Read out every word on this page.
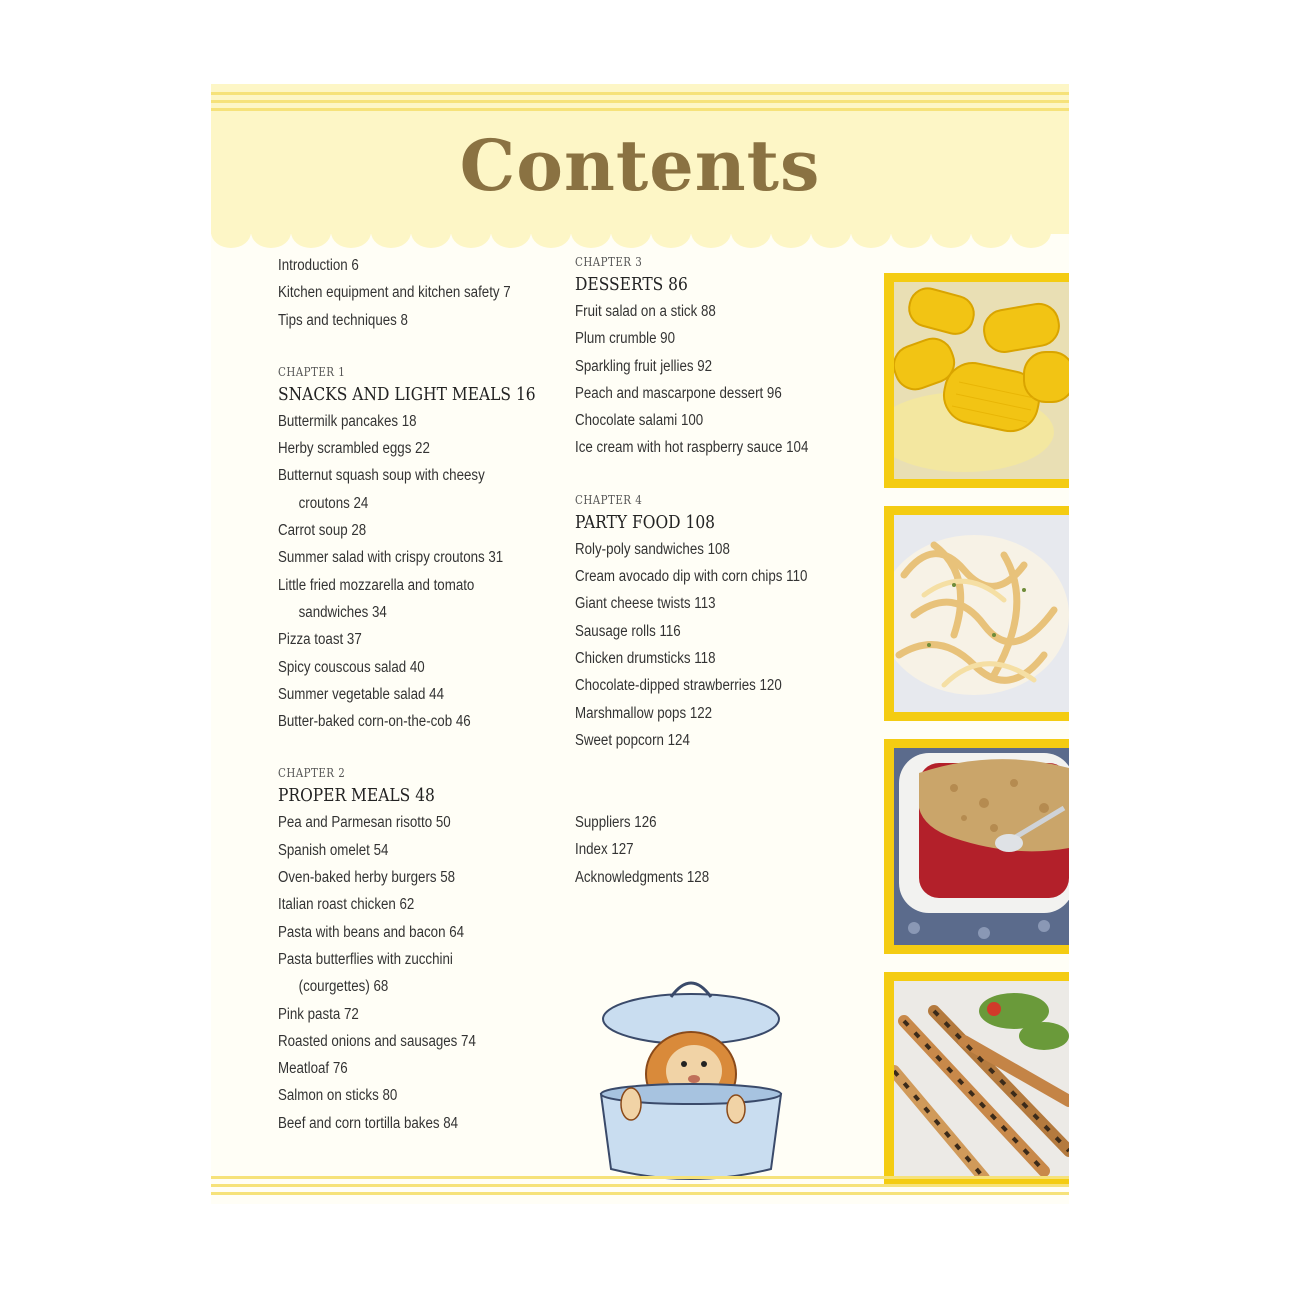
Contents
Introduction 6
Kitchen equipment and kitchen safety 7
Tips and techniques 8
CHAPTER 1
SNACKS AND LIGHT MEALS 16
Buttermilk pancakes 18
Herby scrambled eggs 22
Butternut squash soup with cheesy
croutons 24
Carrot soup 28
Summer salad with crispy croutons 31
Little fried mozzarella and tomato
sandwiches 34
Pizza toast 37
Spicy couscous salad 40
Summer vegetable salad 44
Butter-baked corn-on-the-cob 46
CHAPTER 2
PROPER MEALS 48
Pea and Parmesan risotto 50
Spanish omelet 54
Oven-baked herby burgers 58
Italian roast chicken 62
Pasta with beans and bacon 64
Pasta butterflies with zucchini
(courgettes) 68
Pink pasta 72
Roasted onions and sausages 74
Meatloaf 76
Salmon on sticks 80
Beef and corn tortilla bakes 84
CHAPTER 3
DESSERTS 86
Fruit salad on a stick 88
Plum crumble 90
Sparkling fruit jellies 92
Peach and mascarpone dessert 96
Chocolate salami 100
Ice cream with hot raspberry sauce 104
CHAPTER 4
PARTY FOOD 108
Roly-poly sandwiches 108
Cream avocado dip with corn chips 110
Giant cheese twists 113
Sausage rolls 116
Chicken drumsticks 118
Chocolate-dipped strawberries 120
Marshmallow pops 122
Sweet popcorn 124
Suppliers 126
Index 127
Acknowledgments 128
